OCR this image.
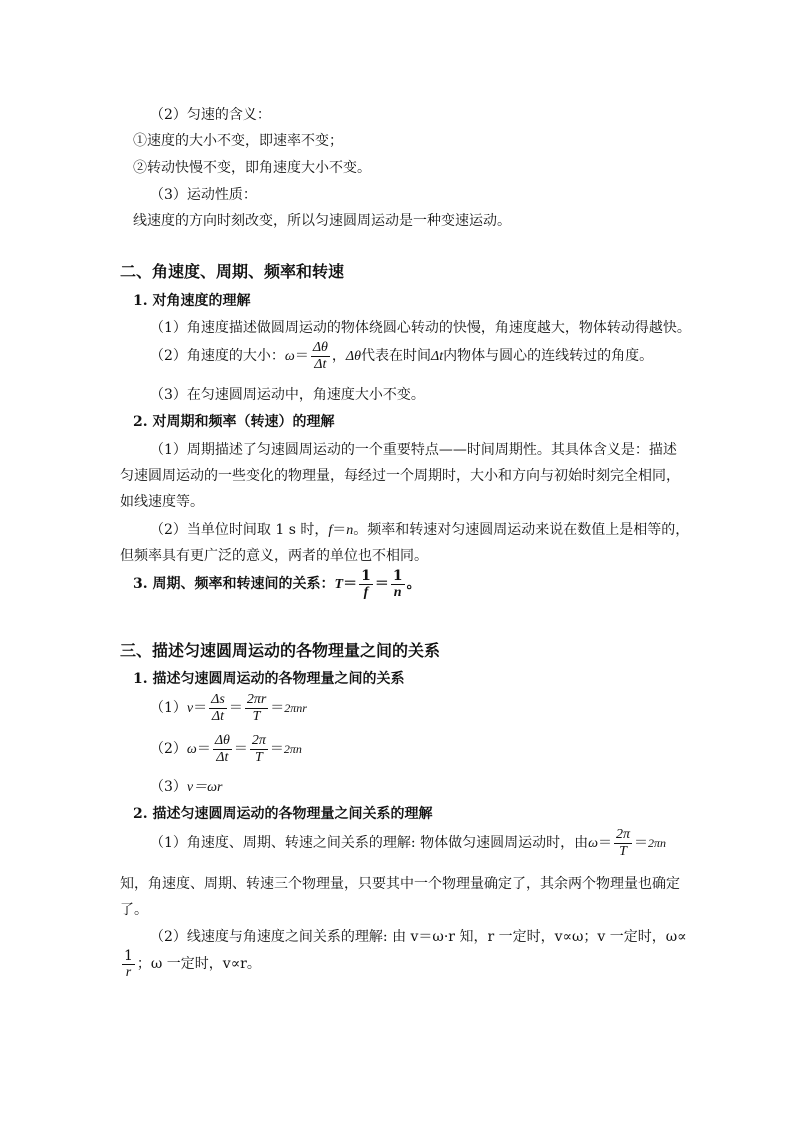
（2）匀速的含义：
①速度的大小不变，即速率不变；
②转动快慢不变，即角速度大小不变。
（3）运动性质：
线速度的方向时刻改变，所以匀速圆周运动是一种变速运动。
二、角速度、周期、频率和转速
1. 对角速度的理解
（1）角速度描述做圆周运动的物体绕圆心转动的快慢，角速度越大，物体转动得越快。
（2）角速度的大小：$\omega= \frac{\Delta\theta}{\Delta t}$ ，Δθ代表在时间Δt内物体与圆心的连线转过的角度。
（3）在匀速圆周运动中，角速度大小不变。
2. 对周期和频率（转速）的理解
（1）周期描述了匀速圆周运动的一个重要特点——时间周期性。其具体含义是：描述
匀速圆周运动的一些变化的物理量，每经过一个周期时，大小和方向与初始时刻完全相同，
如线速度等。
（2）当单位时间取 1 s 时，f＝n。频率和转速对匀速圆周运动来说在数值上是相等的，
但频率具有更广泛的意义，两者的单位也不相同。
3. 周期、频率和转速间的关系：$T= \frac{1}{f} = \frac{1}{n}$ 。
三、描述匀速圆周运动的各物理量之间的关系
1. 描述匀速圆周运动的各物理量之间的关系
$(1)v= \frac{\Delta s}{\Delta t} = \frac{2\pi r}{T} =2\pi nr$
$(2)\omega= \frac{\Delta\theta}{\Delta t} = \frac{2\pi}{T} =2\pi n$
（3）v＝ωr
2. 描述匀速圆周运动的各物理量之间关系的理解
（1）角速度、周期、转速之间关系的理解: 物体做匀速圆周运动时，由$\omega= \frac{2\pi}{T} =2\pi n$
知，角速度、周期、转速三个物理量，只要其中一个物理量确定了，其余两个物理量也确定
了。
（2）线速度与角速度之间关系的理解: 由 v＝ω·r 知，r 一定时，v∝ω；v 一定时，ω∝
$\frac{1}{r}$ ；ω 一定时，v∝r。
